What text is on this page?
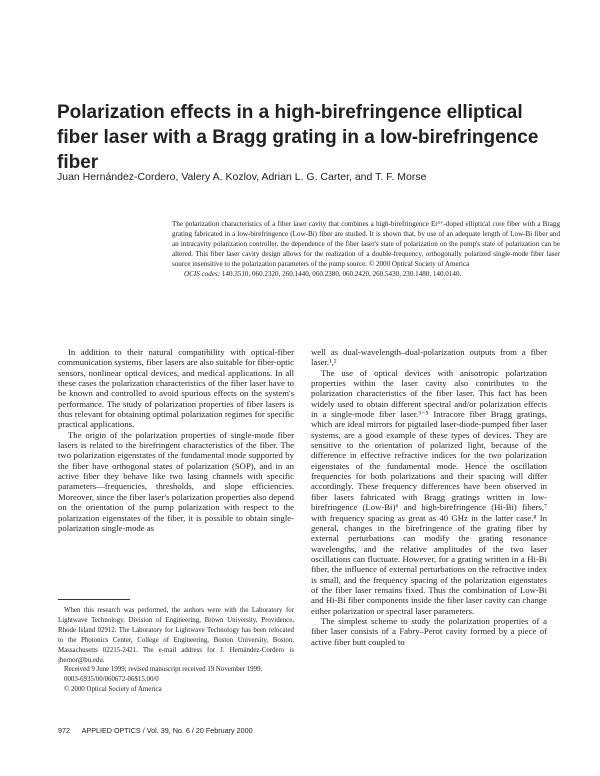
Polarization effects in a high-birefringence elliptical fiber laser with a Bragg grating in a low-birefringence fiber
Juan Hernández-Cordero, Valery A. Kozlov, Adrian L. G. Carter, and T. F. Morse

The polarization characteristics of a fiber laser cavity that combines a high-birefringence Er³⁺-doped elliptical core fiber with a Bragg grating fabricated in a low-birefringence (Low-Bi) fiber are studied. It is shown that, by use of an adequate length of Low-Bi fiber and an intracavity polarization controller, the dependence of the fiber laser's state of polarization on the pump's state of polarization can be altered. This fiber laser cavity design allows for the realization of a double-frequency, orthogonally polarized single-mode fiber laser source insensitive to the polarization parameters of the pump source. © 2000 Optical Society of America

OCIS codes: 140.3510, 060.2320, 260.1440, 060.2380, 060.2420, 260.5430, 230.1480, 140.0140.

In addition to their natural compatibility with optical-fiber communication systems, fiber lasers are also suitable for fiber-optic sensors, nonlinear optical devices, and medical applications. In all these cases the polarization characteristics of the fiber laser have to be known and controlled to avoid spurious effects on the system's performance. The study of polarization properties of fiber lasers is thus relevant for obtaining optimal polarization regimes for specific practical applications.

The origin of the polarization properties of single-mode fiber lasers is related to the birefringent characteristics of the fiber. The two polarization eigenstates of the fundamental mode supported by the fiber have orthogonal states of polarization (SOP), and in an active fiber they behave like two lasing channels with specific parameters—frequencies, thresholds, and slope efficiencies. Moreover, since the fiber laser's polarization properties also depend on the orientation of the pump polarization with respect to the polarization eigenstates of the fiber, it is possible to obtain single-polarization single-mode as

well as dual-wavelength–dual-polarization outputs from a fiber laser.¹,²

The use of optical devices with anisotropic polarization properties within the laser cavity also contributes to the polarization characteristics of the fiber laser. This fact has been widely used to obtain different spectral and/or polarization effects in a single-mode fiber laser.³⁻⁵ Intracore fiber Bragg gratings, which are ideal mirrors for pigtailed laser-diode-pumped fiber laser systems, are a good example of these types of devices. They are sensitive to the orientation of polarized light, because of the difference in effective refractive indices for the two polarization eigenstates of the fundamental mode. Hence the oscillation frequencies for both polarizations and their spacing will differ accordingly. These frequency differences have been observed in fiber lasers fabricated with Bragg gratings written in low-birefringence (Low-Bi)⁶ and high-birefringence (Hi-Bi) fibers,⁷ with frequency spacing as great as 40 GHz in the latter case.⁸ In general, changes in the birefringence of the grating fiber by external perturbations can modify the grating resonance wavelengths, and the relative amplitudes of the two laser oscillations can fluctuate. However, for a grating written in a Hi-Bi fiber, the influence of external perturbations on the refractive index is small, and the frequency spacing of the polarization eigenstates of the fiber laser remains fixed. Thus the combination of Low-Bi and Hi-Bi fiber components inside the fiber laser cavity can change either polarization or spectral laser parameters.

The simplest scheme to study the polarization properties of a fiber laser consists of a Fabry–Perot cavity formed by a piece of active fiber butt coupled to

When this research was performed, the authors were with the Laboratory for Lightwave Technology, Division of Engineering, Brown University, Providence, Rhode Island 02912. The Laboratory for Lightwave Technology has been relocated to the Photonics Center, College of Engineering, Boston University, Boston, Massachusetts 02215-2421. The e-mail address for J. Hernández-Cordero is jhernor@bu.edu.

Received 9 June 1999; revised manuscript received 19 November 1999.

0003-6935/00/060672-06$15.00/0

© 2000 Optical Society of America

972 APPLIED OPTICS / Vol. 39, No. 6 / 20 February 2000
